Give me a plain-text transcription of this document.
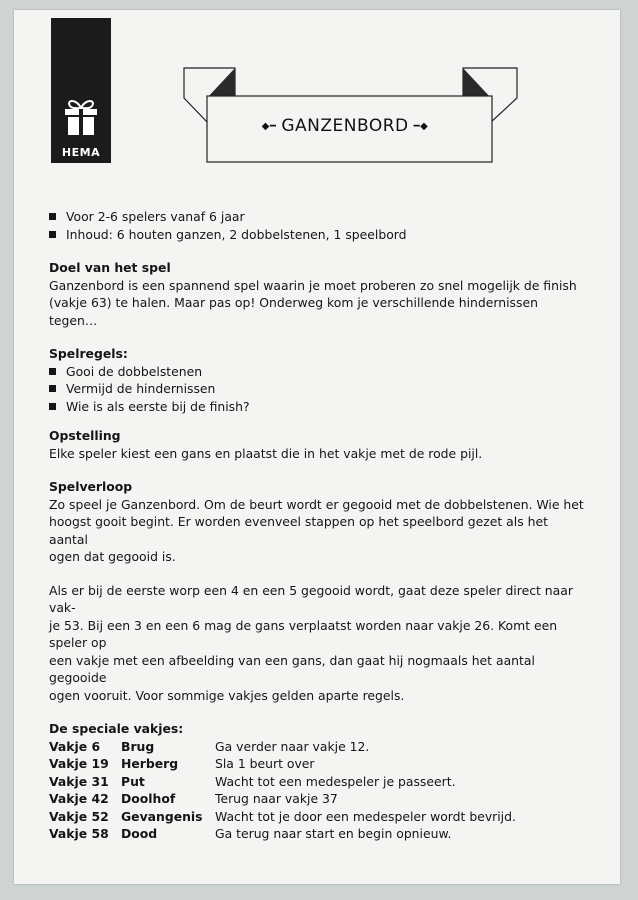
HEMA
◆━ GANZENBORD ━◆
Voor 2-6 spelers vanaf 6 jaar
Inhoud: 6 houten ganzen, 2 dobbelstenen, 1 speelbord
Doel van het spel

Ganzenbord is een spannend spel waarin je moet proberen zo snel mogelijk de finish

(vakje 63) te halen. Maar pas op! Onderweg kom je verschillende hindernissen tegen…

Spelregels:
Gooi de dobbelstenen
Vermijd de hindernissen
Wie is als eerste bij de finish?
Opstelling

Elke speler kiest een gans en plaatst die in het vakje met de rode pijl.

Spelverloop

Zo speel je Ganzenbord. Om de beurt wordt er gegooid met de dobbelstenen. Wie het

hoogst gooit begint. Er worden evenveel stappen op het speelbord gezet als het aantal

ogen dat gegooid is.

Als er bij de eerste worp een 4 en een 5 gegooid wordt, gaat deze speler direct naar vak-

je 53. Bij een 3 en een 6 mag de gans verplaatst worden naar vakje 26. Komt een speler op

een vakje met een afbeelding van een gans, dan gaat hij nogmaals het aantal gegooide

ogen vooruit. Voor sommige vakjes gelden aparte regels.

De speciale vakjes:
Vakje 6	Brug	Ga verder naar vakje 12.
Vakje 19	Herberg	Sla 1 beurt over
Vakje 31	Put	Wacht tot een medespeler je passeert.
Vakje 42	Doolhof	Terug naar vakje 37
Vakje 52	Gevangenis	Wacht tot je door een medespeler wordt bevrijd.
Vakje 58	Dood	Ga terug naar start en begin opnieuw.
